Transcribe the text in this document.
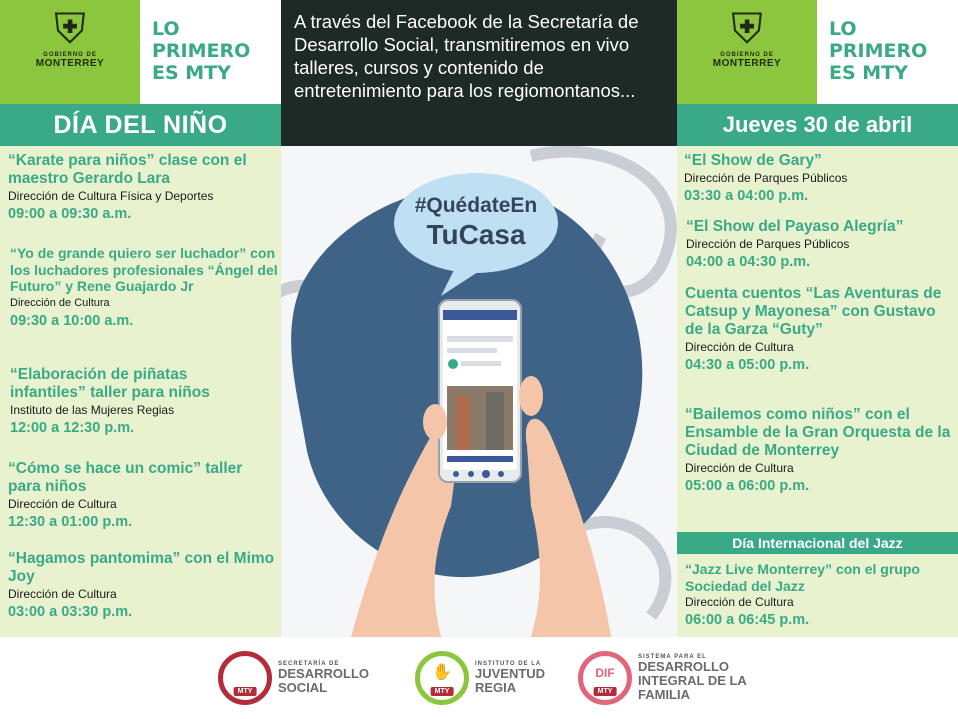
⛨
GOBIERNO DE
MONTERREY
LO
PRIMERO
ES MTY
DÍA DEL NIÑO
“Karate para niños” clase con el maestro Gerardo Lara
Dirección de Cultura Física y Deportes
09:00 a 09:30 a.m.
“Yo de grande quiero ser luchador” con los luchadores profesionales “Ángel del Futuro” y Rene Guajardo Jr
Dirección de Cultura
09:30 a 10:00 a.m.
“Elaboración de piñatas infantiles” taller para niños
Instituto de las Mujeres Regias
12:00 a 12:30 p.m.
“Cómo se hace un comic” taller para niños
Dirección de Cultura
12:30 a 01:00 p.m.
“Hagamos pantomima” con el Mimo Joy
Dirección de Cultura
03:00 a 03:30 p.m.
A través del Facebook de la Secretaría de Desarrollo Social, transmitiremos en vivo talleres, cursos y contenido de entretenimiento para los regiomontanos...
#QuédateEn
TuCasa
⛨
GOBIERNO DE
MONTERREY
LO
PRIMERO
ES MTY
Jueves 30 de abril
“El Show de Gary”
Dirección de Parques Públicos
03:30 a 04:00 p.m.
“El Show del Payaso Alegría”
Dirección de Parques Públicos
04:00 a 04:30 p.m.
Cuenta cuentos “Las Aventuras de Catsup y Mayonesa” con Gustavo de la Garza “Guty”
Dirección de Cultura
04:30 a 05:00 p.m.
“Bailemos como niños” con el Ensamble de la Gran Orquesta de la Ciudad de Monterrey
Dirección de Cultura
05:00 a 06:00 p.m.
Día Internacional del Jazz
“Jazz Live Monterrey” con el grupo Sociedad del Jazz
Dirección de Cultura
06:00 a 06:45 p.m.
MTY
SECRETARÍA DE
DESARROLLO
SOCIAL
✋
MTY
INSTITUTO DE LA
JUVENTUD
REGIA
DIF
MTY
SISTEMA PARA EL
DESARROLLO
INTEGRAL DE LA
FAMILIA
